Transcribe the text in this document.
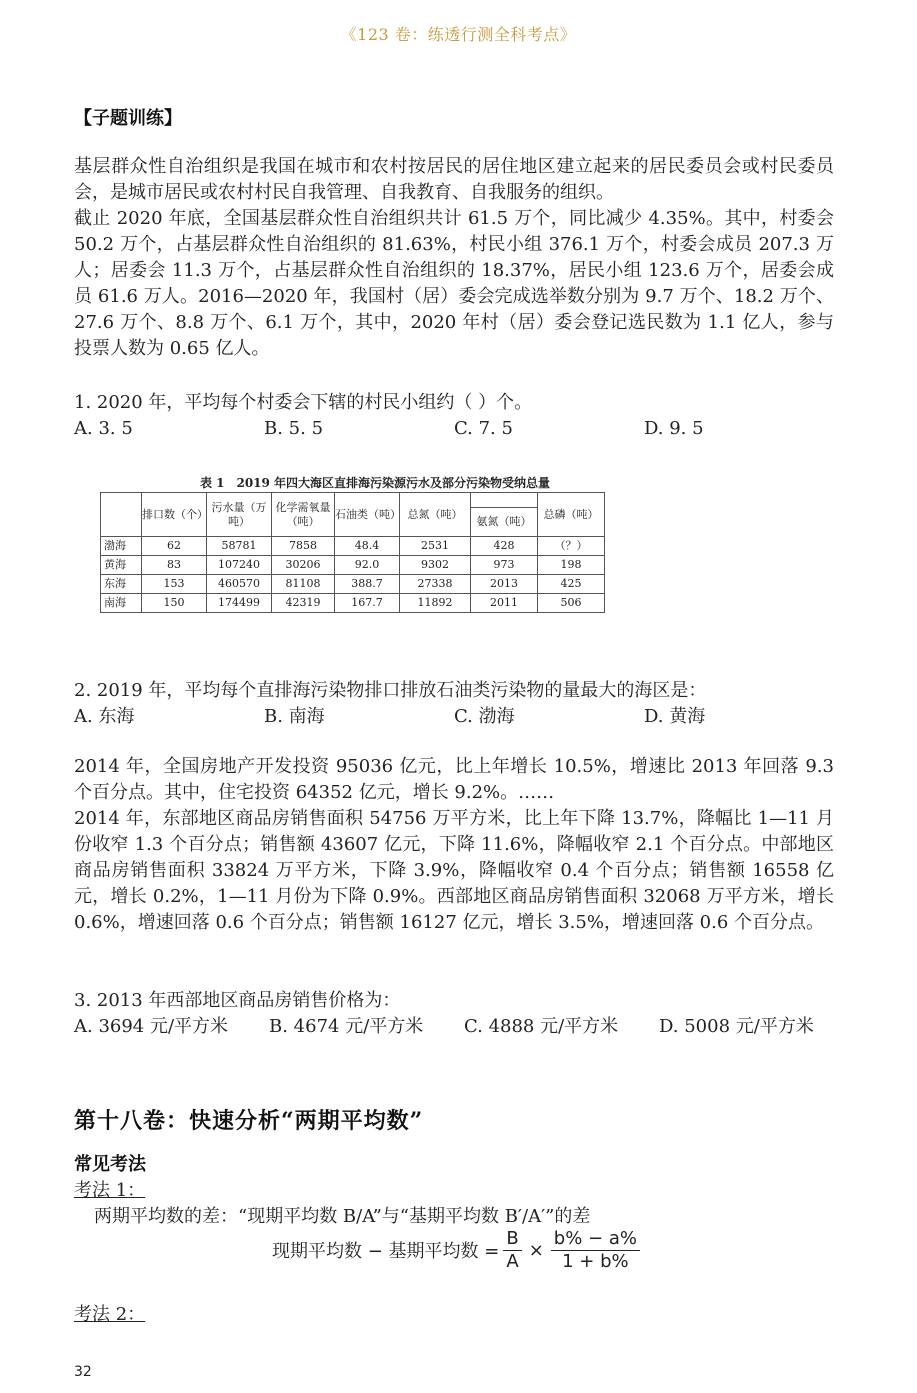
《123 卷：练透行测全科考点》
【子题训练】

基层群众性自治组织是我国在城市和农村按居民的居住地区建立起来的居民委员会或村民委员会，是城市居民或农村村民自我管理、自我教育、自我服务的组织。

截止 2020 年底，全国基层群众性自治组织共计 61.5 万个，同比减少 4.35%。其中，村委会 50.2 万个，占基层群众性自治组织的 81.63%，村民小组 376.1 万个，村委会成员 207.3 万人；居委会 11.3 万个，占基层群众性自治组织的 18.37%，居民小组 123.6 万个，居委会成员 61.6 万人。2016—2020 年，我国村（居）委会完成选举数分别为 9.7 万个、18.2 万个、27.6 万个、8.8 万个、6.1 万个，其中，2020 年村（居）委会登记选民数为 1.1 亿人，参与投票人数为 0.65 亿人。

1. 2020 年，平均每个村委会下辖的村民小组约（ ）个。
A. 3. 5	B. 5. 5	C. 7. 5	D. 9. 5
表 1　2019 年四大海区直排海污染源污水及部分污染物受纳总量
	排口数（个）	污水量（万吨）	化学需氧量（吨）	石油类（吨）	总氮（吨）		总磷（吨）
						氨氮（吨）	
渤海	62	58781	7858	48.4	2531	428	（？）
黄海	83	107240	30206	92.0	9302	973	198
东海	153	460570	81108	388.7	27338	2013	425
南海	150	174499	42319	167.7	11892	2011	506
2. 2019 年，平均每个直排海污染物排口排放石油类污染物的量最大的海区是：
A. 东海	B. 南海	C. 渤海	D. 黄海

2014 年，全国房地产开发投资 95036 亿元，比上年增长 10.5%，增速比 2013 年回落 9.3 个百分点。其中，住宅投资 64352 亿元，增长 9.2%。……

2014 年，东部地区商品房销售面积 54756 万平方米，比上年下降 13.7%，降幅比 1—11 月份收窄 1.3 个百分点；销售额 43607 亿元，下降 11.6%，降幅收窄 2.1 个百分点。中部地区商品房销售面积 33824 万平方米，下降 3.9%，降幅收窄 0.4 个百分点；销售额 16558 亿元，增长 0.2%，1—11 月份为下降 0.9%。西部地区商品房销售面积 32068 万平方米，增长 0.6%，增速回落 0.6 个百分点；销售额 16127 亿元，增长 3.5%，增速回落 0.6 个百分点。

3. 2013 年西部地区商品房销售价格为：
A. 3694 元/平方米	B. 4674 元/平方米	C. 4888 元/平方米	D. 5008 元/平方米
第十八卷：快速分析“两期平均数”
常见考法
考法 1：
两期平均数的差：“现期平均数 B/A”与“基期平均数 B′/A′”的差
现期平均数 − 基期平均数 = $\frac{B}{A} \times \frac{b\% - a\%}{1 + b\%}$
考法 2：
32
